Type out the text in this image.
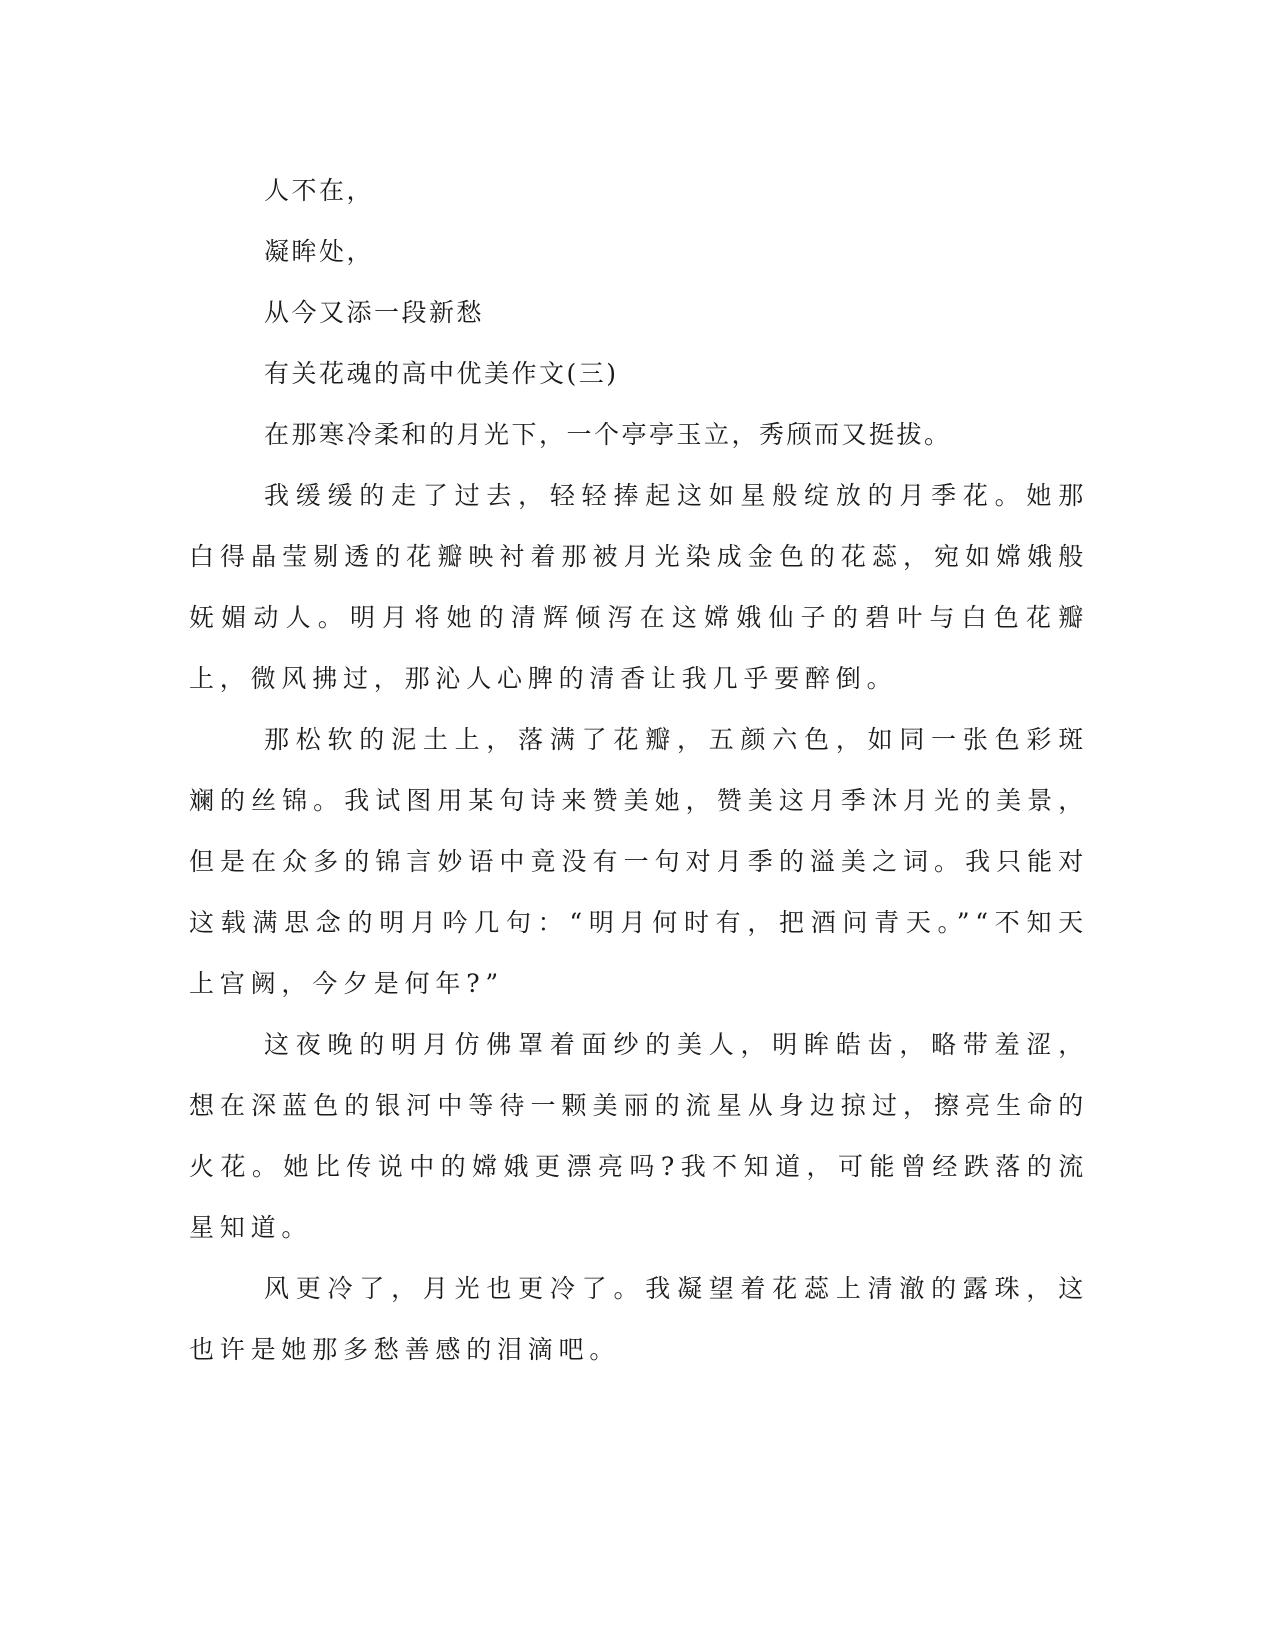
人不在，

凝眸处，

从今又添一段新愁

有关花魂的高中优美作文(三)

在那寒冷柔和的月光下，一个亭亭玉立，秀颀而又挺拔。

我缓缓的走了过去，轻轻捧起这如星般绽放的月季花。她那白得晶莹剔透的花瓣映衬着那被月光染成金色的花蕊，宛如嫦娥般妩媚动人。明月将她的清辉倾泻在这嫦娥仙子的碧叶与白色花瓣上，微风拂过，那沁人心脾的清香让我几乎要醉倒。

那松软的泥土上，落满了花瓣，五颜六色，如同一张色彩斑斓的丝锦。我试图用某句诗来赞美她，赞美这月季沐月光的美景，但是在众多的锦言妙语中竟没有一句对月季的溢美之词。我只能对这载满思念的明月吟几句：“明月何时有，把酒问青天。”“不知天上宫阙，今夕是何年?”

这夜晚的明月仿佛罩着面纱的美人，明眸皓齿，略带羞涩，想在深蓝色的银河中等待一颗美丽的流星从身边掠过，擦亮生命的火花。她比传说中的嫦娥更漂亮吗?我不知道，可能曾经跌落的流星知道。

风更冷了，月光也更冷了。我凝望着花蕊上清澈的露珠，这也许是她那多愁善感的泪滴吧。
